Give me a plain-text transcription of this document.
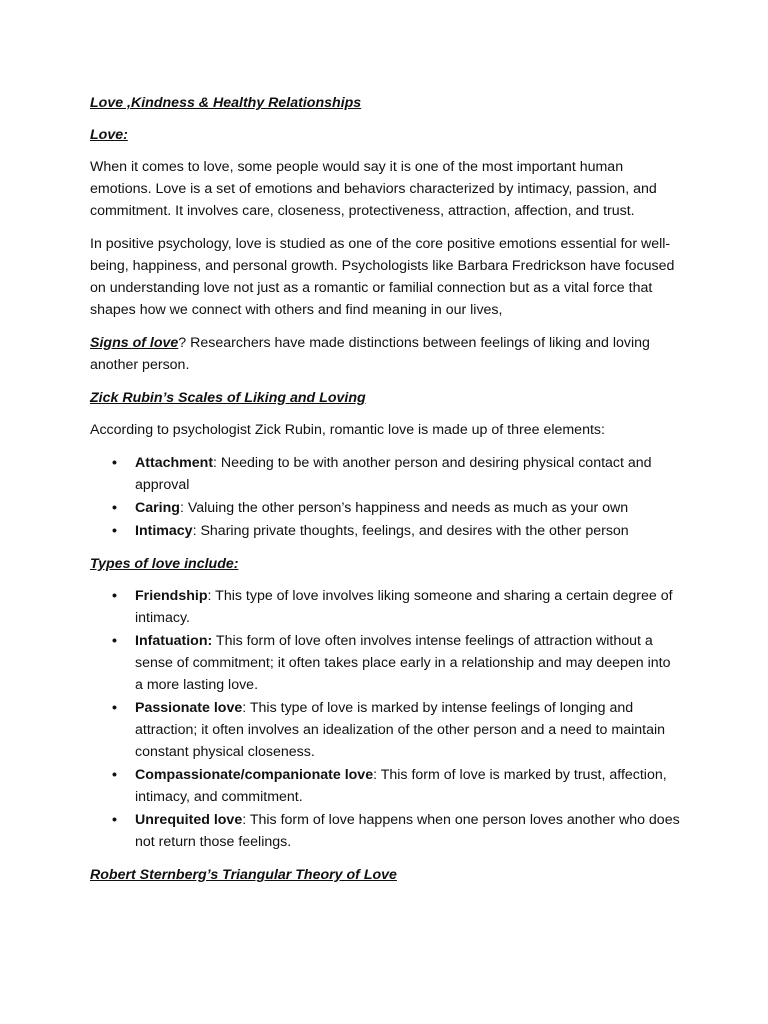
Love ,Kindness & Healthy Relationships
Love:

When it comes to love, some people would say it is one of the most important human emotions. Love is a set of emotions and behaviors characterized by intimacy, passion, and commitment. It involves care, closeness, protectiveness, attraction, affection, and trust.

In positive psychology, love is studied as one of the core positive emotions essential for well-being, happiness, and personal growth. Psychologists like Barbara Fredrickson have focused on understanding love not just as a romantic or familial connection but as a vital force that shapes how we connect with others and find meaning in our lives,

Signs of love? Researchers have made distinctions between feelings of liking and loving another person.

Zick Rubin’s Scales of Liking and Loving

According to psychologist Zick Rubin, romantic love is made up of three elements:

• Attachment: Needing to be with another person and desiring physical contact and approval
• Caring: Valuing the other person’s happiness and needs as much as your own
• Intimacy: Sharing private thoughts, feelings, and desires with the other person
Types of love include:
• Friendship: This type of love involves liking someone and sharing a certain degree of intimacy.
• Infatuation: This form of love often involves intense feelings of attraction without a sense of commitment; it often takes place early in a relationship and may deepen into a more lasting love.
• Passionate love: This type of love is marked by intense feelings of longing and attraction; it often involves an idealization of the other person and a need to maintain constant physical closeness.
• Compassionate/companionate love: This form of love is marked by trust, affection, intimacy, and commitment.
• Unrequited love: This form of love happens when one person loves another who does not return those feelings.
Robert Sternberg’s Triangular Theory of Love
